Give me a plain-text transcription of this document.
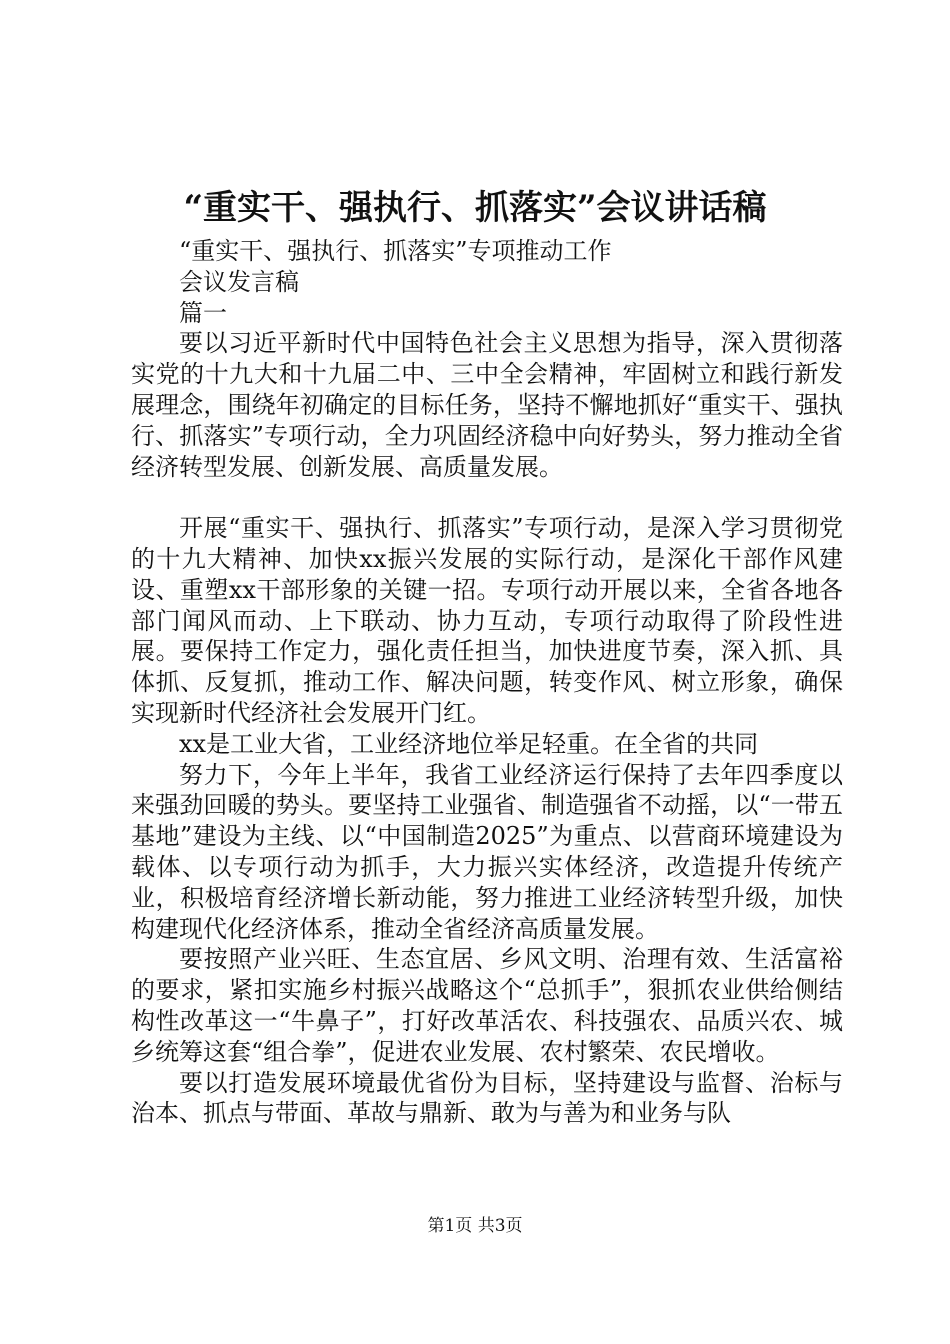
“重实干、强执行、抓落实”会议讲话稿

“重实干、强执行、抓落实”专项推动工作

会议发言稿

篇一

要以习近平新时代中国特色社会主义思想为指导，深入贯彻落实党的十九大和十九届二中、三中全会精神，牢固树立和践行新发展理念，围绕年初确定的目标任务，坚持不懈地抓好“重实干、强执行、抓落实”专项行动，全力巩固经济稳中向好势头，努力推动全省经济转型发展、创新发展、高质量发展。

开展“重实干、强执行、抓落实”专项行动，是深入学习贯彻党的十九大精神、加快xx振兴发展的实际行动，是深化干部作风建设、重塑xx干部形象的关键一招。专项行动开展以来，全省各地各部门闻风而动、上下联动、协力互动，专项行动取得了阶段性进展。要保持工作定力，强化责任担当，加快进度节奏，深入抓、具体抓、反复抓，推动工作、解决问题，转变作风、树立形象，确保实现新时代经济社会发展开门红。

xx是工业大省，工业经济地位举足轻重。在全省的共同

努力下，今年上半年，我省工业经济运行保持了去年四季度以来强劲回暖的势头。要坚持工业强省、制造强省不动摇，以“一带五基地”建设为主线、以“中国制造2025”为重点、以营商环境建设为载体、以专项行动为抓手，大力振兴实体经济，改造提升传统产业，积极培育经济增长新动能，努力推进工业经济转型升级，加快构建现代化经济体系，推动全省经济高质量发展。

要按照产业兴旺、生态宜居、乡风文明、治理有效、生活富裕的要求，紧扣实施乡村振兴战略这个“总抓手”，狠抓农业供给侧结构性改革这一“牛鼻子”，打好改革活农、科技强农、品质兴农、城乡统筹这套“组合拳”，促进农业发展、农村繁荣、农民增收。

要以打造发展环境最优省份为目标，坚持建设与监督、治标与治本、抓点与带面、革故与鼎新、敢为与善为和业务与队

第1页 共3页
